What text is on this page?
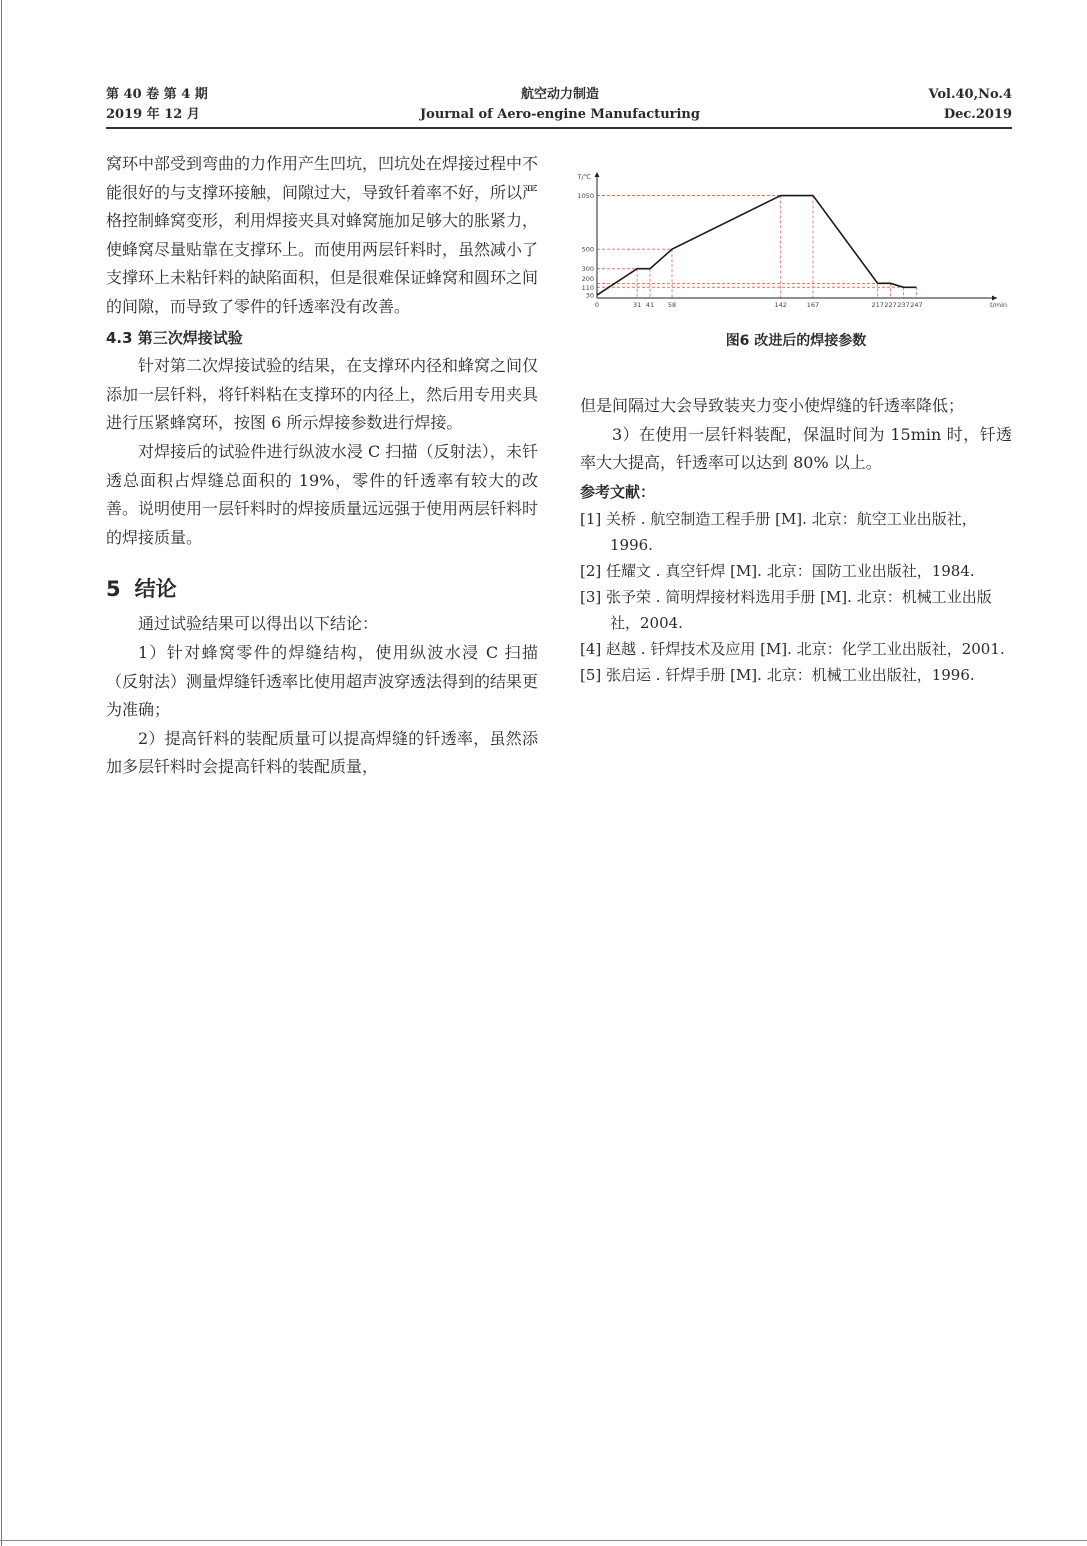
第 40 卷 第 4 期
2019 年 12 月
航空动力制造
Journal of Aero-engine Manufacturing
Vol.40,No.4
Dec.2019

窝环中部受到弯曲的力作用产生凹坑，凹坑处在焊接过程中不能很好的与支撑环接触，间隙过大，导致钎着率不好，所以严格控制蜂窝变形，利用焊接夹具对蜂窝施加足够大的胀紧力，使蜂窝尽量贴靠在支撑环上。而使用两层钎料时，虽然减小了支撑环上未粘钎料的缺陷面积，但是很难保证蜂窝和圆环之间的间隙，而导致了零件的钎透率没有改善。

4.3 第三次焊接试验

针对第二次焊接试验的结果，在支撑环内径和蜂窝之间仅添加一层钎料，将钎料粘在支撑环的内径上，然后用专用夹具进行压紧蜂窝环，按图 6 所示焊接参数进行焊接。

对焊接后的试验件进行纵波水浸 C 扫描（反射法），未钎透总面积占焊缝总面积的 19%，零件的钎透率有较大的改善。说明使用一层钎料时的焊接质量远远强于使用两层钎料时的焊接质量。

5 结论

通过试验结果可以得出以下结论：

1）针对蜂窝零件的焊缝结构，使用纵波水浸 C 扫描（反射法）测量焊缝钎透率比使用超声波穿透法得到的结果更为准确；

2）提高钎料的装配质量可以提高焊缝的钎透率，虽然添加多层钎料时会提高钎料的装配质量，

0	31 41 58	142	167	217 227 237 247
30
110
200
300
500
1050
T/℃
t/min
图6 改进后的焊接参数

但是间隔过大会导致装夹力变小使焊缝的钎透率降低；

3）在使用一层钎料装配，保温时间为 15min 时，钎透率大大提高，钎透率可以达到 80% 以上。

参考文献：

[1] 关桥 . 航空制造工程手册 [M]. 北京：航空工业出版社，1996.

[2] 任耀文 . 真空钎焊 [M]. 北京：国防工业出版社，1984.

[3] 张予荣 . 简明焊接材料选用手册 [M]. 北京：机械工业出版社，2004.

[4] 赵越 . 钎焊技术及应用 [M]. 北京：化学工业出版社，2001.

[5] 张启运 . 钎焊手册 [M]. 北京：机械工业出版社，1996.
